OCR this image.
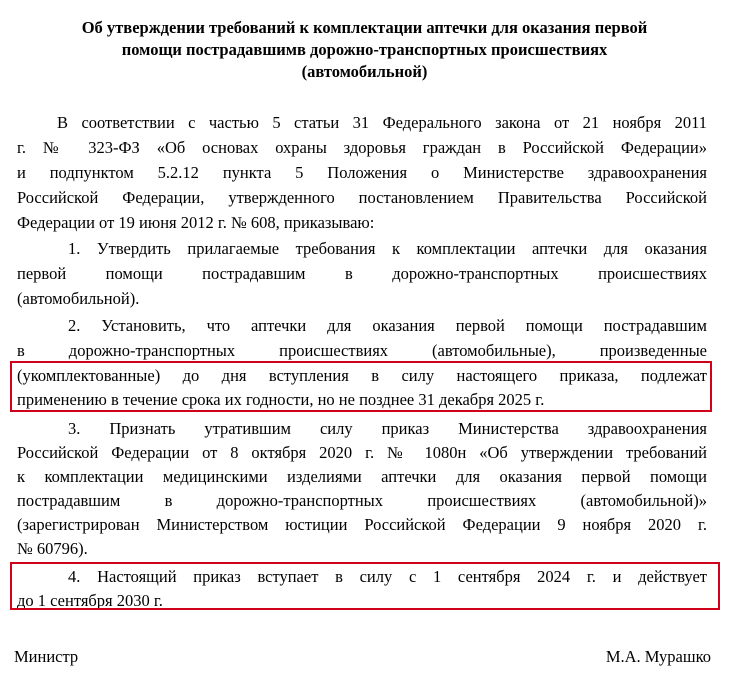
Об утверждении требований к комплектации аптечки для оказания первой
помощи пострадавшимв дорожно-транспортных происшествиях
(автомобильной)
В соответствии с частью 5 статьи 31 Федерального закона от 21 ноября 2011
г. № 323-ФЗ «Об основах охраны здоровья граждан в Российской Федерации»
и подпунктом 5.2.12 пункта 5 Положения о Министерстве здравоохранения
Российской Федерации, утвержденного постановлением Правительства Российской
Федерации от 19 июня 2012 г. № 608, приказываю:
1. Утвердить прилагаемые требования к комплектации аптечки для оказания
первой помощи пострадавшим в дорожно-транспортных происшествиях
(автомобильной).
2. Установить, что аптечки для оказания первой помощи пострадавшим
в дорожно-транспортных происшествиях (автомобильные), произведенные
(укомплектованные) до дня вступления в силу настоящего приказа, подлежат
применению в течение срока их годности, но не позднее 31 декабря 2025 г.
3. Признать утратившим силу приказ Министерства здравоохранения
Российской Федерации от 8 октября 2020 г. № 1080н «Об утверждении требований
к комплектации медицинскими изделиями аптечки для оказания первой помощи
пострадавшим в дорожно-транспортных происшествиях (автомобильной)»
(зарегистрирован Министерством юстиции Российской Федерации 9 ноября 2020 г.
№ 60796).
4. Настоящий приказ вступает в силу с 1 сентября 2024 г. и действует
до 1 сентября 2030 г.
Министр	М.А. Мурашко
